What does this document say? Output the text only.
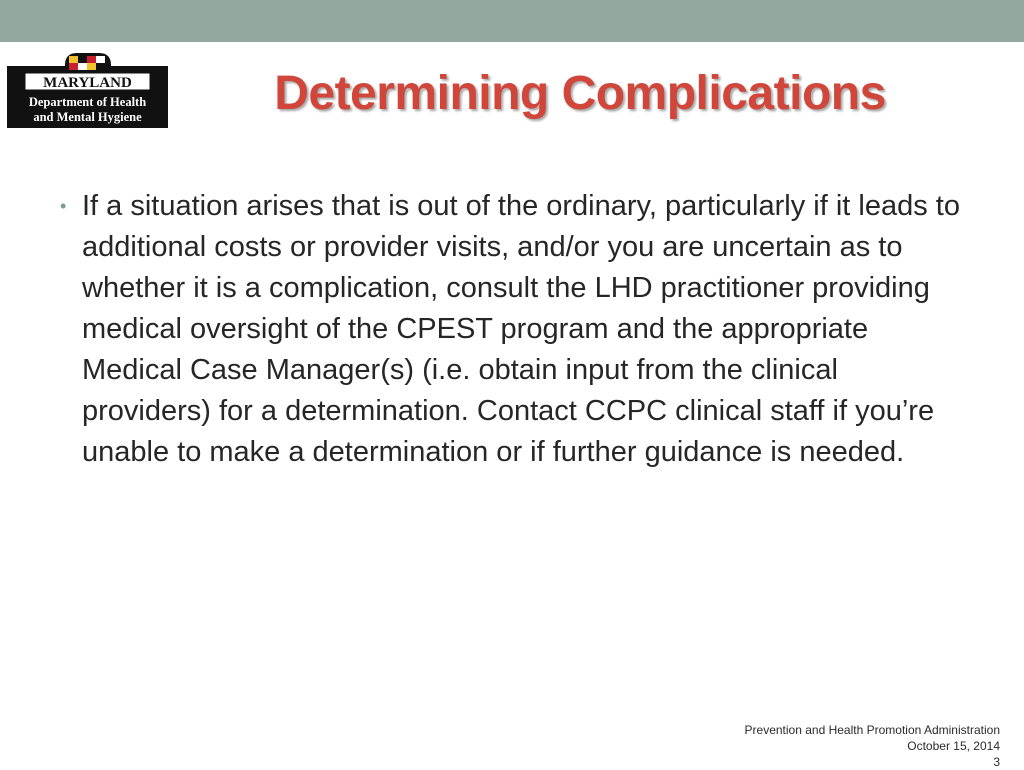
MARYLAND
Department of Health
and Mental Hygiene	Determining Complications
• If a situation arises that is out of the ordinary, particularly if it leads to additional costs or provider visits, and/or you are uncertain as to whether it is a complication, consult the LHD practitioner providing medical oversight of the CPEST program and the appropriate Medical Case Manager(s) (i.e. obtain input from the clinical providers) for a determination. Contact CCPC clinical staff if you’re unable to make a determination or if further guidance is needed.
Prevention and Health Promotion Administration
October 15, 2014
3
